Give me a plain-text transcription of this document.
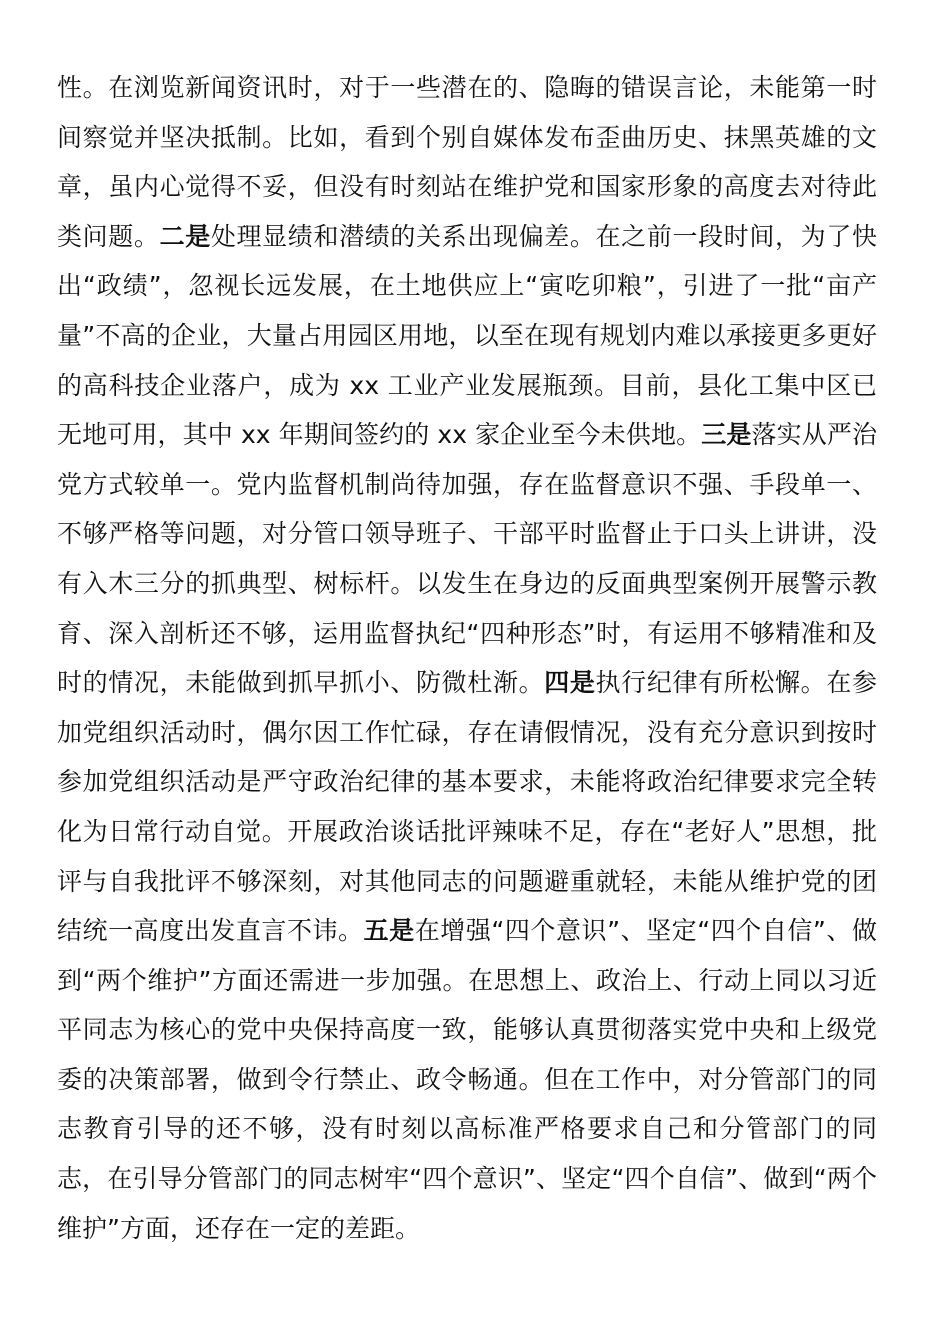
性。在浏览新闻资讯时，对于一些潜在的、隐晦的错误言论，未能第一时间察觉并坚决抵制。比如，看到个别自媒体发布歪曲历史、抹黑英雄的文章，虽内心觉得不妥，但没有时刻站在维护党和国家形象的高度去对待此类问题。二是处理显绩和潜绩的关系出现偏差。在之前一段时间，为了快出“政绩”，忽视长远发展，在土地供应上“寅吃卯粮”，引进了一批“亩产量”不高的企业，大量占用园区用地，以至在现有规划内难以承接更多更好的高科技企业落户，成为 xx 工业产业发展瓶颈。目前，县化工集中区已无地可用，其中 xx 年期间签约的 xx 家企业至今未供地。三是落实从严治党方式较单一。党内监督机制尚待加强，存在监督意识不强、手段单一、不够严格等问题，对分管口领导班子、干部平时监督止于口头上讲讲，没有入木三分的抓典型、树标杆。以发生在身边的反面典型案例开展警示教育、深入剖析还不够，运用监督执纪“四种形态”时，有运用不够精准和及时的情况，未能做到抓早抓小、防微杜渐。四是执行纪律有所松懈。在参加党组织活动时，偶尔因工作忙碌，存在请假情况，没有充分意识到按时参加党组织活动是严守政治纪律的基本要求，未能将政治纪律要求完全转化为日常行动自觉。开展政治谈话批评辣味不足，存在“老好人”思想，批评与自我批评不够深刻，对其他同志的问题避重就轻，未能从维护党的团结统一高度出发直言不讳。五是在增强“四个意识”、坚定“四个自信”、做到“两个维护”方面还需进一步加强。在思想上、政治上、行动上同以习近平同志为核心的党中央保持高度一致，能够认真贯彻落实党中央和上级党委的决策部署，做到令行禁止、政令畅通。但在工作中，对分管部门的同志教育引导的还不够，没有时刻以高标准严格要求自己和分管部门的同志，在引导分管部门的同志树牢“四个意识”、坚定“四个自信”、做到“两个维护”方面，还存在一定的差距。
